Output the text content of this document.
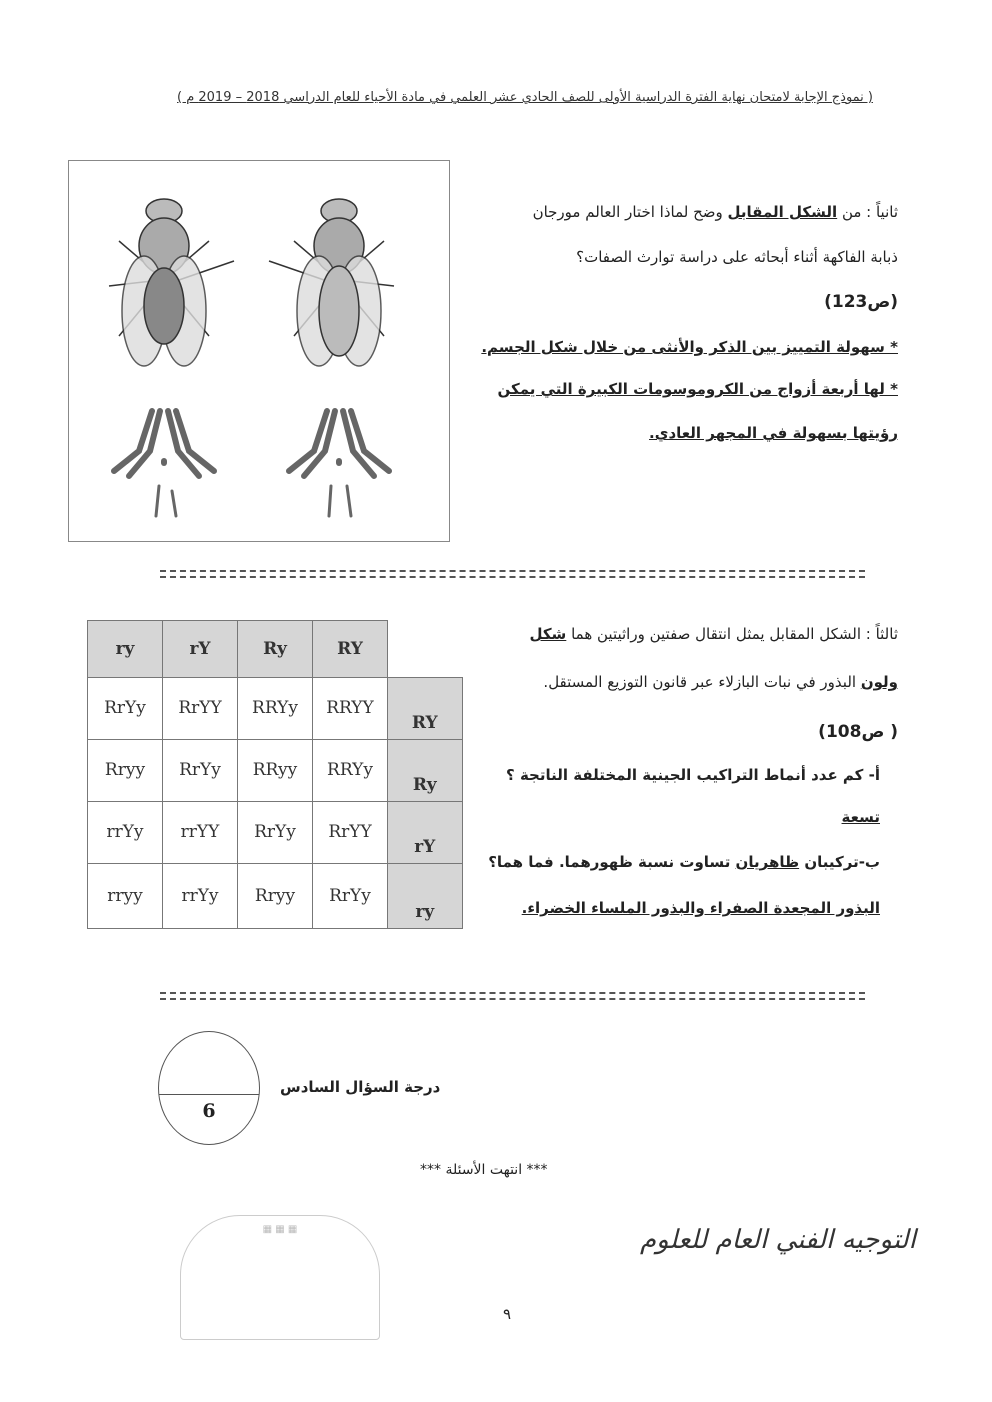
( نموذج الإجابة لامتحان نهاية الفترة الدراسية الأولى للصف الحادي عشر العلمي في مادة الأحياء للعام الدراسي 2018 – 2019 م )
ثانياً : من الشكل المقابل وضح لماذا اختار العالم مورجان
ذبابة الفاكهة أثناء أبحاثه على دراسة توارث الصفات؟
(ص123)
* سهولة التمييز بين الذكر والأنثى من خلال شكل الجسم.
* لها أربعة أزواج من الكروموسومات الكبيرة التي يمكن
رؤيتها بسهولة في المجهر العادي.
ry	rY	Ry	RY	
RrYy	RrYY	RRYy	RRYY	RY
Rryy	RrYy	RRyy	RRYy	Ry
rrYy	rrYY	RrYy	RrYY	rY
rryy	rrYy	Rryy	RrYy	ry
ثالثاً : الشكل المقابل يمثل انتقال صفتين وراثيتين هما شكل
ولون البذور في نبات البازلاء عبر قانون التوزيع المستقل.
( ص108)
أ- كم عدد أنماط التراكيب الجينية المختلفة الناتجة ؟
تسعة
ب-تركيبان ظاهريان تساوت نسبة ظهورهما. فما هما؟
البذور المجعدة الصفراء والبذور الملساء الخضراء.
6
درجة السؤال السادس
*** انتهت الأسئلة ***
▦ ▦ ▦	التوجيه الفني العام للعلوم
٩
